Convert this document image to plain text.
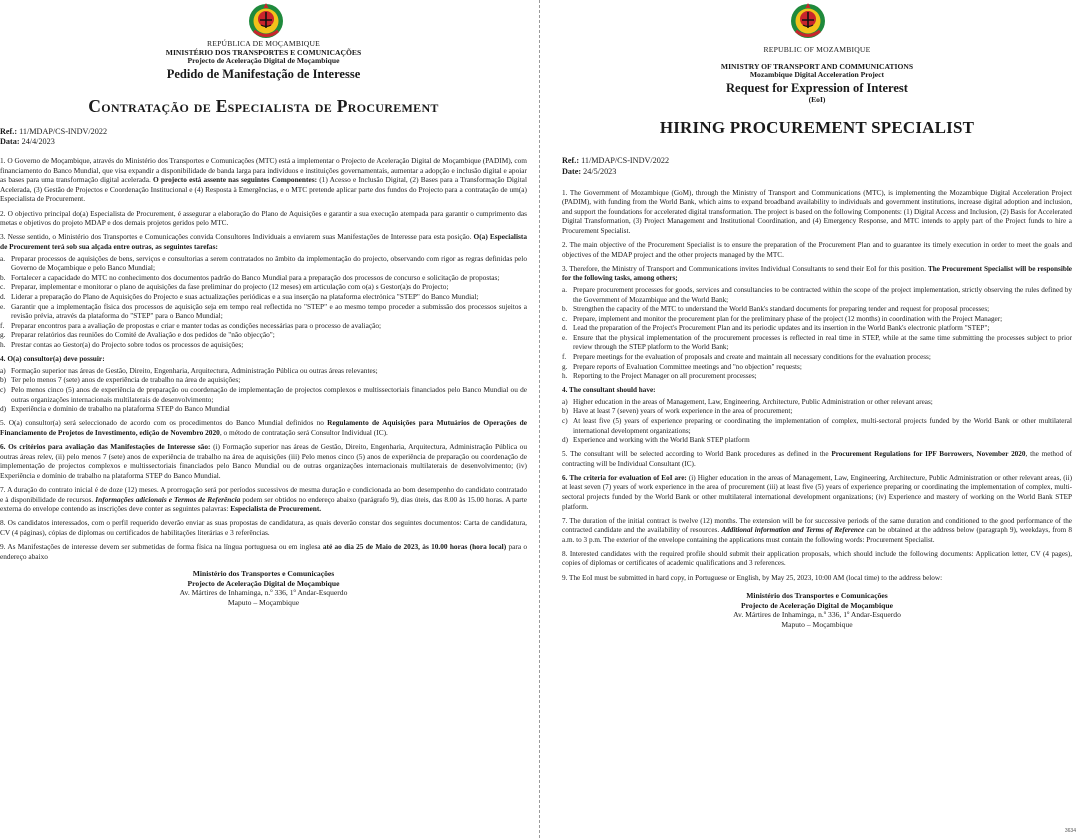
REPÚBLICA DE MOÇAMBIQUE
MINISTÉRIO DOS TRANSPORTES E COMUNICAÇÕES
Projecto de Aceleração Digital de Moçambique
Pedido de Manifestação de Interesse
Contratação de Especialista de Procurement
Ref.: 11/MDAP/CS-INDV/2022
Data: 24/4/2023

1. O Governo de Moçambique, através do Ministério dos Transportes e Comunicações (MTC) está a implementar o Projecto de Aceleração Digital de Moçambique (PADIM), com financiamento do Banco Mundial, que visa expandir a disponibilidade de banda larga para indivíduos e instituições governamentais, aumentar a adopção e inclusão digital e apoiar as bases para uma transformação digital acelerada. O projecto está assente nas seguintes Componentes: (1) Acesso e Inclusão Digital, (2) Bases para a Transformação Digital Acelerada, (3) Gestão de Projectos e Coordenação Institucional e (4) Resposta à Emergências, e o MTC pretende aplicar parte dos fundos do Projecto para a contratação de um(a) Especialista de Procurement.

2. O objectivo principal do(a) Especialista de Procurement, é assegurar a elaboração do Plano de Aquisições e garantir a sua execução atempada para garantir o cumprimento das metas e objetivos do projeto MDAP e dos demais projetos geridos pelo MTC.

3. Nesse sentido, o Ministério dos Transportes e Comunicações convida Consultores Individuais a enviarem suas Manifestações de Interesse para esta posição. O(a) Especialista de Procurement terá sob sua alçada entre outras, as seguintes tarefas:

a. Preparar processos de aquisições de bens, serviços e consultorias a serem contratados no âmbito da implementação do projecto, observando com rigor as regras definidas pelo Governo de Moçambique e pelo Banco Mundial;
b. Fortalecer a capacidade do MTC no conhecimento dos documentos padrão do Banco Mundial para a preparação dos processos de concurso e solicitação de propostas;
c. Preparar, implementar e monitorar o plano de aquisições da fase preliminar do projecto (12 meses) em articulação com o(a) s Gestor(a)s do Projecto;
d. Liderar a preparação do Plano de Aquisições do Projecto e suas actualizações periódicas e a sua inserção na plataforma electrónica "STEP" do Banco Mundial;
e. Garantir que a implementação física dos processos de aquisição seja em tempo real reflectida no "STEP" e ao mesmo tempo proceder a submissão dos processos sujeitos a revisão prévia, através da plataforma do "STEP" para o Banco Mundial;
f. Preparar encontros para a avaliação de propostas e criar e manter todas as condições necessárias para o processo de avaliação;
g. Preparar relatórios das reuniões do Comité de Avaliação e dos pedidos de "não objecção";
h. Prestar contas ao Gestor(a) do Projecto sobre todos os processos de aquisições;

4. O(a) consultor(a) deve possuir:

a) Formação superior nas áreas de Gestão, Direito, Engenharia, Arquitectura, Administração Pública ou outras áreas relevantes;
b) Ter pelo menos 7 (sete) anos de experiência de trabalho na área de aquisições;
c) Pelo menos cinco (5) anos de experiência de preparação ou coordenação de implementação de projectos complexos e multissectoriais financiados pelo Banco Mundial ou de outras organizações internacionais multilaterais de desenvolvimento;
d) Experiência e domínio de trabalho na plataforma STEP do Banco Mundial

5. O(a) consultor(a) será seleccionado de acordo com os procedimentos do Banco Mundial definidos no Regulamento de Aquisições para Mutuários de Operações de Financiamento de Projetos de Investimento, edição de Novembro 2020, o método de contratação será Consultor Individual (IC).

6. Os critérios para avaliação das Manifestações de Interesse são: (i) Formação superior nas áreas de Gestão, Direito, Engenharia, Arquitectura, Administração Pública ou outras áreas relev, (ii) pelo menos 7 (sete) anos de experiência de trabalho na área de aquisições (iii) Pelo menos cinco (5) anos de experiência de preparação ou coordenação de implementação de projectos complexos e multissectoriais financiados pelo Banco Mundial ou de outras organizações internacionais multilaterais de desenvolvimento; (iv) Experiência e domínio de trabalho na plataforma STEP do Banco Mundial.

7. A duração do contrato inicial é de doze (12) meses. A prorrogação será por períodos sucessivos de mesma duração e condicionada ao bom desempenho do candidato contratado e à disponibilidade de recursos. Informações adicionais e Termos de Referência podem ser obtidos no endereço abaixo (parágrafo 9), dias úteis, das 8.00 às 15.00 horas. A parte externa do envelope contendo as inscrições deve conter as seguintes palavras: Especialista de Procurement.

8. Os candidatos interessados, com o perfil requerido deverão enviar as suas propostas de candidatura, as quais deverão constar dos seguintes documentos: Carta de candidatura, CV (4 páginas), cópias de diplomas ou certificados de habilitações literárias e 3 referências.

9. As Manifestações de interesse devem ser submetidas de forma física na língua portuguesa ou em inglesa até ao dia 25 de Maio de 2023, às 10.00 horas (hora local) para o endereço abaixo

Ministério dos Transportes e Comunicações
Projecto de Aceleração Digital de Moçambique
Av. Mártires de Inhaminga, n.º 336, 1º Andar-Esquerdo
Maputo – Moçambique
REPUBLIC OF MOZAMBIQUE
MINISTRY OF TRANSPORT AND COMMUNICATIONS
Mozambique Digital Acceleration Project
Request for Expression of Interest
(EoI)
HIRING PROCUREMENT SPECIALIST
Ref.: 11/MDAP/CS-INDV/2022
Date: 24/5/2023

1. The Government of Mozambique (GoM), through the Ministry of Transport and Communications (MTC), is implementing the Mozambique Digital Acceleration Project (PADIM), with funding from the World Bank, which aims to expand broadband availability to individuals and government institutions, increase digital adoption and inclusion, and support the foundations for accelerated digital transformation. The project is based on the following Components: (1) Digital Access and Inclusion, (2) Basis for Accelerated Digital Transformation, (3) Project Management and Institutional Coordination, and (4) Emergency Response, and MTC intends to apply part of the Project funds to hire a Procurement Specialist.

2. The main objective of the Procurement Specialist is to ensure the preparation of the Procurement Plan and to guarantee its timely execution in order to meet the goals and objectives of the MDAP project and the other projects managed by the MTC.

3. Therefore, the Ministry of Transport and Communications invites Individual Consultants to send their EoI for this position. The Procurement Specialist will be responsible for the following tasks, among others;

a. Prepare procurement processes for goods, services and consultancies to be contracted within the scope of the project implementation, strictly observing the rules defined by the Government of Mozambique and the World Bank;
b. Strengthen the capacity of the MTC to understand the World Bank's standard documents for preparing tender and request for proposal processes;
c. Prepare, implement and monitor the procurement plan for the preliminary phase of the project (12 months) in coordination with the Project Manager;
d. Lead the preparation of the Project's Procurement Plan and its periodic updates and its insertion in the World Bank's electronic platform "STEP";
e. Ensure that the physical implementation of the procurement processes is reflected in real time in STEP, while at the same time submitting the processes subject to prior review through the STEP platform to the World Bank;
f. Prepare meetings for the evaluation of proposals and create and maintain all necessary conditions for the evaluation process;
g. Prepare reports of Evaluation Committee meetings and "no objection" requests;
h. Reporting to the Project Manager on all procurement processes;

4. The consultant should have:

a) Higher education in the areas of Management, Law, Engineering, Architecture, Public Administration or other relevant areas;
b) Have at least 7 (seven) years of work experience in the area of procurement;
c) At least five (5) years of experience preparing or coordinating the implementation of complex, multi-sectoral projects funded by the World Bank or other multilateral international development organizations;
d) Experience and working with the World Bank STEP platform

5. The consultant will be selected according to World Bank procedures as defined in the Procurement Regulations for IPF Borrowers, November 2020, the method of contracting will be Individual Consultant (IC).

6. The criteria for evaluation of EoI are: (i) Higher education in the areas of Management, Law, Engineering, Architecture, Public Administration or other relevant areas, (ii) at least seven (7) years of work experience in the area of procurement (iii) at least five (5) years of experience preparing or coordinating the implementation of complex, multi-sectoral projects funded by the World Bank or other multilateral international development organizations; (iv) Experience and mastery of working on the World Bank STEP platform.

7. The duration of the initial contract is twelve (12) months. The extension will be for successive periods of the same duration and conditioned to the good performance of the contracted candidate and the availability of resources. Additional information and Terms of Reference can be obtained at the address below (paragraph 9), weekdays, from 8 a.m. to 3 p.m. The exterior of the envelope containing the applications must contain the following words: Procurement Specialist.

8. Interested candidates with the required profile should submit their application proposals, which should include the following documents: Application letter, CV (4 pages), copies of diplomas or certificates of academic qualifications and 3 references.

9. The EoI must be submitted in hard copy, in Portuguese or English, by May 25, 2023, 10:00 AM (local time) to the address below:

Ministério dos Transportes e Comunicações
Projecto de Aceleração Digital de Moçambique
Av. Mártires de Inhaminga, n.º 336, 1º Andar-Esquerdo
Maputo – Moçambique
3634
